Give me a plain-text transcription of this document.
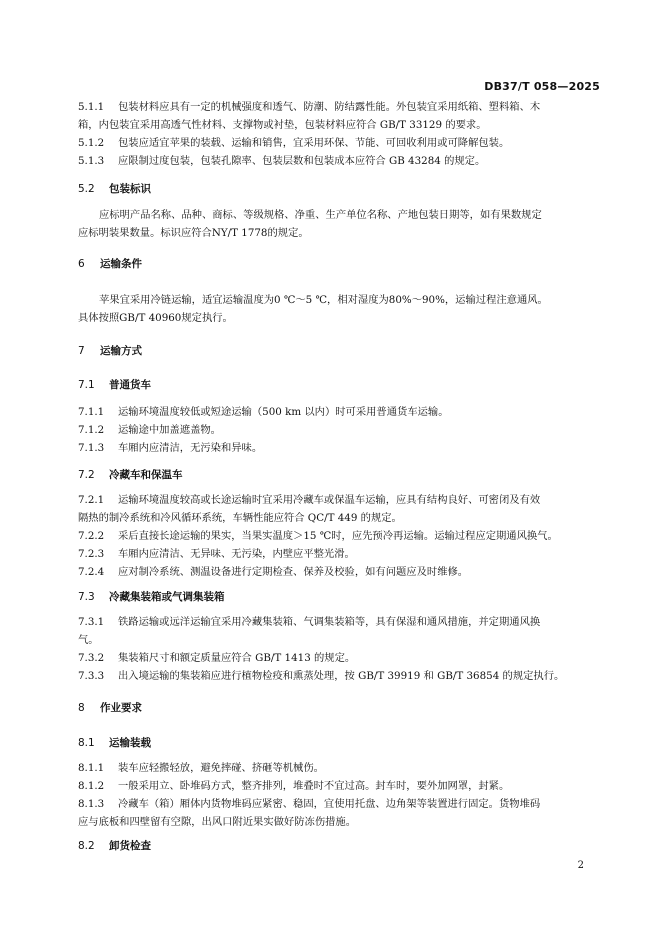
DB37/T 058—2025
5.1.1 包装材料应具有一定的机械强度和透气、防潮、防结露性能。外包装宜采用纸箱、塑料箱、木
箱，内包装宜采用高透气性材料、支撑物或衬垫，包装材料应符合 GB/T 33129 的要求。
5.1.2 包装应适宜苹果的装载、运输和销售，宜采用环保、节能、可回收利用或可降解包装。
5.1.3 应限制过度包装，包装孔隙率、包装层数和包装成本应符合 GB 43284 的规定。
5.2 包装标识
应标明产品名称、品种、商标、等级规格、净重、生产单位名称、产地包装日期等，如有果数规定
应标明装果数量。标识应符合NY/T 1778的规定。
6 运输条件
苹果宜采用冷链运输，适宜运输温度为0 ℃～5 ℃，相对湿度为80%～90%，运输过程注意通风。
具体按照GB/T 40960规定执行。
7 运输方式
7.1 普通货车
7.1.1 运输环境温度较低或短途运输（500 km 以内）时可采用普通货车运输。
7.1.2 运输途中加盖遮盖物。
7.1.3 车厢内应清洁，无污染和异味。
7.2 冷藏车和保温车
7.2.1 运输环境温度较高或长途运输时宜采用冷藏车或保温车运输，应具有结构良好、可密闭及有效
隔热的制冷系统和冷风循环系统，车辆性能应符合 QC/T 449 的规定。
7.2.2 采后直接长途运输的果实，当果实温度＞15 ℃时，应先预冷再运输。运输过程应定期通风换气。
7.2.3 车厢内应清洁、无异味、无污染，内壁应平整光滑。
7.2.4 应对制冷系统、测温设备进行定期检查、保养及校验，如有问题应及时维修。
7.3 冷藏集装箱或气调集装箱
7.3.1 铁路运输或远洋运输宜采用冷藏集装箱、气调集装箱等，具有保湿和通风措施，并定期通风换
气。
7.3.2 集装箱尺寸和额定质量应符合 GB/T 1413 的规定。
7.3.3 出入境运输的集装箱应进行植物检疫和熏蒸处理，按 GB/T 39919 和 GB/T 36854 的规定执行。
8 作业要求
8.1 运输装载
8.1.1 装车应轻搬轻放，避免摔碰、挤砸等机械伤。
8.1.2 一般采用立、卧堆码方式，整齐排列，堆叠时不宜过高。封车时，要外加网罩，封紧。
8.1.3 冷藏车（箱）厢体内货物堆码应紧密、稳固，宜使用托盘、边角架等装置进行固定。货物堆码
应与底板和四壁留有空隙，出风口附近果实做好防冻伤措施。
8.2 卸货检查
2
